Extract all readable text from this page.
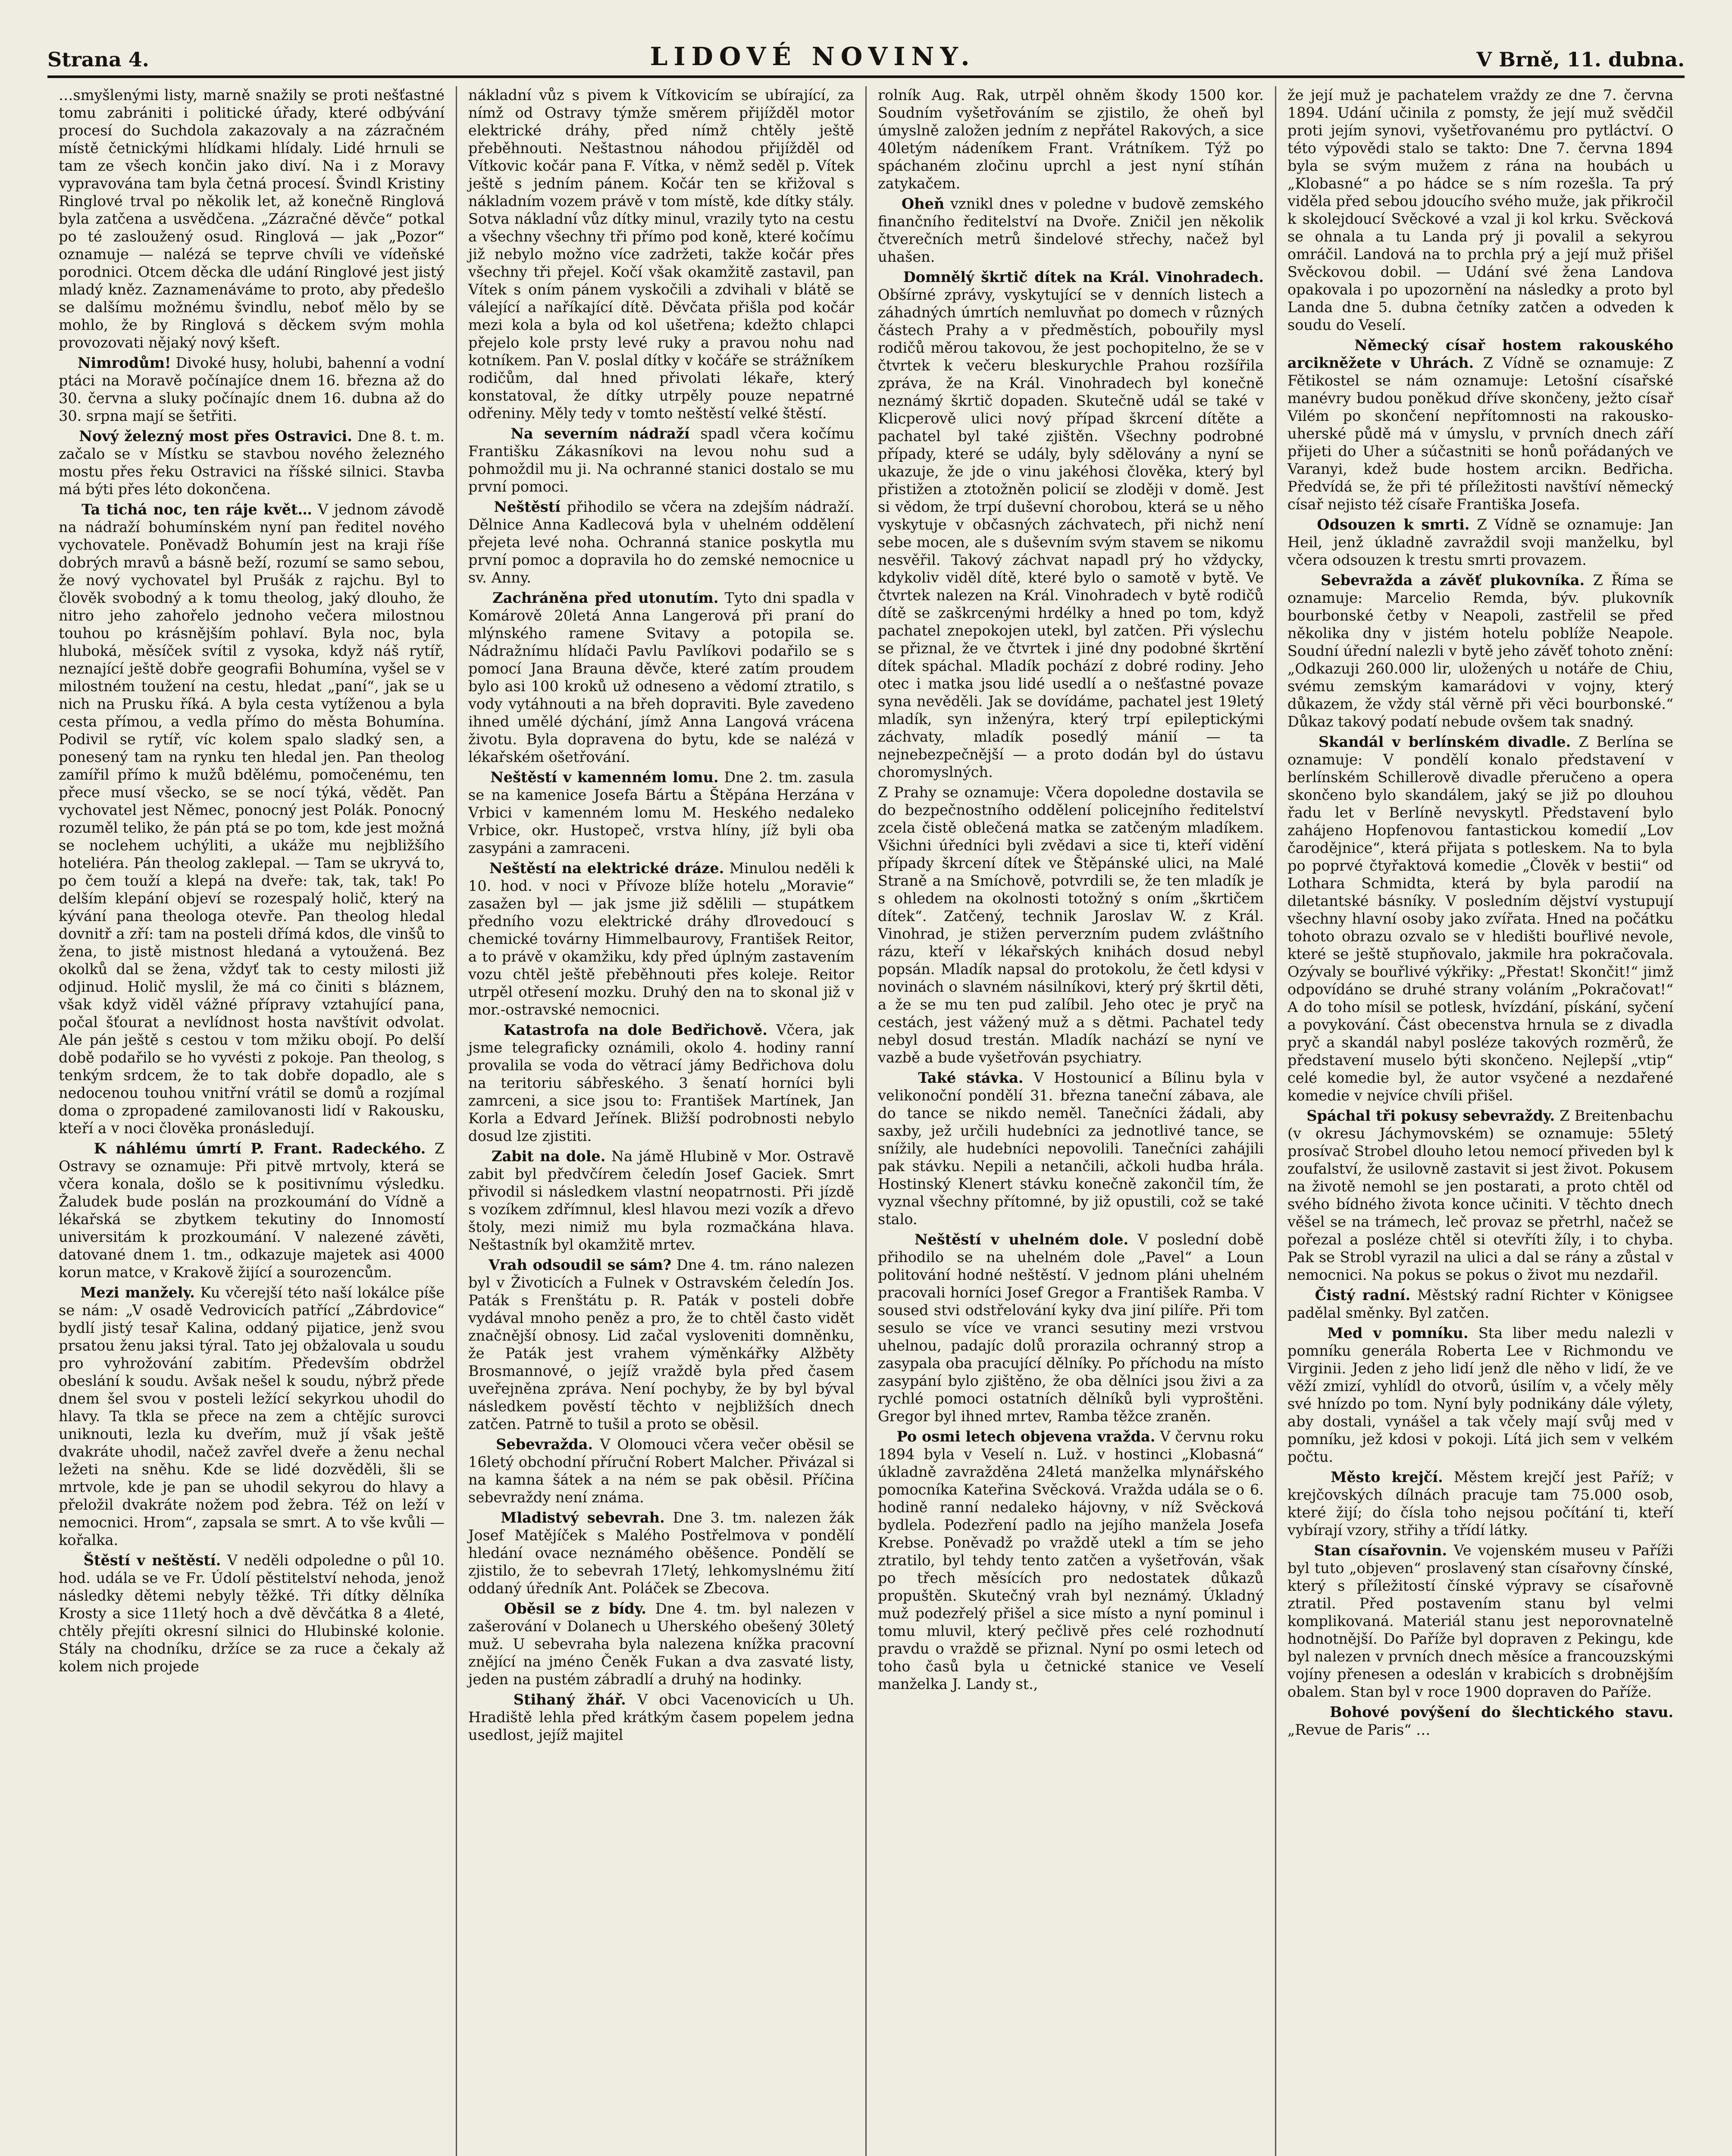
Strana 4.	LIDOVÉ NOVINY.	V Brně, 11. dubna.

…smyšlenými listy, marně snažily se proti nešťastné tomu zabrániti i politické úřady, které odbývání procesí do Suchdola zakazovaly a na zázračném místě četnickými hlídkami hlídaly. Lidé hrnuli se tam ze všech končin jako diví. Na i z Moravy vypravována tam byla četná procesí. Švindl Kristiny Ringlové trval po několik let, až konečně Ringlová byla zatčena a usvědčena. „Zázračné děvče“ potkal po té zasloužený osud. Ringlová — jak „Pozor“ oznamuje — nalézá se teprve chvíli ve vídeňské porodnici. Otcem děcka dle udání Ringlové jest jistý mladý kněz. Zaznamenáváme to proto, aby předešlo se dalšímu možnému švindlu, neboť mělo by se mohlo, že by Ringlová s děckem svým mohla provozovati nějaký nový kšeft.

Nimrodům! Divoké husy, holubi, bahenní a vodní ptáci na Moravě počínajíce dnem 16. března až do 30. června a sluky počínajíc dnem 16. dubna až do 30. srpna mají se šetřiti.

Nový železný most přes Ostravici. Dne 8. t. m. začalo se v Místku se stavbou nového železného mostu přes řeku Ostravici na říšské silnici. Stavba má býti přes léto dokončena.

Ta tichá noc, ten ráje květ… V jednom závodě na nádraží bohumínském nyní pan ředitel nového vychovatele. Poněvadž Bohumín jest na kraji říše dobrých mravů a básně beží, rozumí se samo sebou, že nový vychovatel byl Prušák z rajchu. Byl to člověk svobodný a k tomu theolog, jaký dlouho, že nitro jeho zahořelo jednoho večera milostnou touhou po krásnějším pohlaví. Byla noc, byla hluboká, měsíček svítil z vysoka, když náš rytíř, neznající ještě dobře geografii Bohumína, vyšel se v milostném toužení na cestu, hledat „paní“, jak se u nich na Prusku říká. A byla cesta vytíženou a byla cesta přímou, a vedla přímo do města Bohumína. Podivil se rytíř, víc kolem spalo sladký sen, a ponesený tam na rynku ten hledal jen. Pan theolog zamířil přímo k mužů bdělému, pomočenému, ten přece musí všecko, se se nocí týká, vědět. Pan vychovatel jest Němec, ponocný jest Polák. Ponocný rozuměl teliko, že pán ptá se po tom, kde jest možná se noclehem uchýliti, a ukáže mu nejbližšího hoteliéra. Pán theolog zaklepal. — Tam se ukryvá to, po čem touží a klepá na dveře: tak, tak, tak! Po delším klepání objeví se rozespalý holič, který na kývání pana theologa otevře. Pan theolog hledal dovnitř a zří: tam na posteli dřímá kdos, dle vinšů to žena, to jistě mistnost hledaná a vytoužená. Bez okolků dal se žena, vždyť tak to cesty milosti již odjinud. Holič myslil, že má co činiti s bláznem, však když viděl vážné přípravy vztahující pana, počal šťourat a nevlídnost hosta navštívit odvolat. Ale pán ještě s cestou v tom mžiku obojí. Po delší době podařilo se ho vyvésti z pokoje. Pan theolog, s tenkým srdcem, že to tak dobře dopadlo, ale s nedocenou touhou vnitřní vrátil se domů a rozjímal doma o zpropadené zamilovanosti lidí v Rakousku, kteří a v noci člověka pronásledují.

K náhlému úmrtí P. Frant. Radeckého. Z Ostravy se oznamuje: Při pitvě mrtvoly, která se včera konala, došlo se k positivnímu výsledku. Žaludek bude poslán na prozkoumání do Vídně a lékařská se zbytkem tekutiny do Innomostí universitám k prozkoumání. V nalezené závěti, datované dnem 1. tm., odkazuje majetek asi 4000 korun matce, v Krakově žijící a sourozencům.

Mezi manžely. Ku včerejší této naší lokálce píše se nám: „V osadě Vedrovicích patřící „Zábrdovice“ bydlí jistý tesař Kalina, oddaný pijatice, jenž svou prsatou ženu jaksi týral. Tato jej obžalovala u soudu pro vyhrožování zabitím. Především obdržel obeslání k soudu. Avšak nešel k soudu, nýbrž přede dnem šel svou v posteli ležící sekyrkou uhodil do hlavy. Ta tkla se přece na zem a chtějíc surovci uniknouti, lezla ku dveřím, muž jí však ještě dvakráte uhodil, načež zavřel dveře a ženu nechal ležeti na sněhu. Kde se lidé dozvěděli, šli se mrtvole, kde je pan se uhodil sekyrou do hlavy a přeložil dvakráte nožem pod žebra. Též on leží v nemocnici. Hrom“, zapsala se smrt. A to vše kvůli — kořalka.

Štěstí v neštěstí. V neděli odpoledne o půl 10. hod. udála se ve Fr. Údolí pěstitelství nehoda, jenož následky dětemi nebyly těžké. Tři dítky dělníka Krosty a sice 11letý hoch a dvě děvčátka 8 a 4leté, chtěly přejíti okresní silnici do Hlubinské kolonie. Stály na chodníku, držíce se za ruce a čekaly až kolem nich projede

nákladní vůz s pivem k Vítkovicím se ubírající, za nímž od Ostravy týmže směrem přijížděl motor elektrické dráhy, před nímž chtěly ještě přeběhnouti. Neštastnou náhodou přijížděl od Vítkovic kočár pana F. Vítka, v němž seděl p. Vítek ještě s jedním pánem. Kočár ten se křižoval s nákladním vozem právě v tom místě, kde dítky stály. Sotva nákladní vůz dítky minul, vrazily tyto na cestu a všechny všechny tři přímo pod koně, které kočímu již nebylo možno více zadržeti, takže kočár přes všechny tři přejel. Kočí však okamžitě zastavil, pan Vítek s oním pánem vyskočili a zdvihali v blátě se válející a naříkající dítě. Děvčata přišla pod kočár mezi kola a byla od kol ušetřena; kdežto chlapci přejelo kole prsty levé ruky a pravou nohu nad kotníkem. Pan V. poslal dítky v kočáře se strážníkem rodičům, dal hned přivolati lékaře, který konstatoval, že dítky utrpěly pouze nepatrné odřeniny. Měly tedy v tomto neštěstí velké štěstí.

Na severním nádraží spadl včera kočímu Františku Zákasníkovi na levou nohu sud a pohmoždil mu ji. Na ochranné stanici dostalo se mu první pomoci.

Neštěstí přihodilo se včera na zdejším nádraží. Dělnice Anna Kadlecová byla v uhelném oddělení přejeta levé noha. Ochranná stanice poskytla mu první pomoc a dopravila ho do zemské nemocnice u sv. Anny.

Zachráněna před utonutím. Tyto dni spadla v Komárově 20letá Anna Langerová při praní do mlýnského ramene Svitavy a potopila se. Nádražnímu hlídači Pavlu Pavlíkovi podařilo se s pomocí Jana Brauna děvče, které zatím proudem bylo asi 100 kroků už odneseno a vědomí ztratilo, s vody vytáhnouti a na břeh dopraviti. Byle zavedeno ihned umělé dýchání, jímž Anna Langová vrácena životu. Byla dopravena do bytu, kde se nalézá v lékařském ošetřování.

Neštěstí v kamenném lomu. Dne 2. tm. zasula se na kamenice Josefa Bártu a Štěpána Herzána v Vrbici v kamenném lomu M. Heského nedaleko Vrbice, okr. Hustopeč, vrstva hlíny, jíž byli oba zasypáni a zamraceni.

Neštěstí na elektrické dráze. Minulou neděli k 10. hod. v noci v Přívoze blíže hotelu „Moravie“ zasažen byl — jak jsme již sdělili — stupátkem předního vozu elektrické dráhy ďlrovedoucí s chemické továrny Himmelbaurovy, František Reitor, a to právě v okamžiku, kdy před úplným zastavením vozu chtěl ještě přeběhnouti přes koleje. Reitor utrpěl otřesení mozku. Druhý den na to skonal již v mor.-ostravské nemocnici.

Katastrofa na dole Bedřichově. Včera, jak jsme telegraficky oznámili, okolo 4. hodiny ranní provalila se voda do větrací jámy Bedřichova dolu na teritoriu sábřeského. 3 šenatí horníci byli zamrceni, a sice jsou to: František Martínek, Jan Korla a Edvard Jeřínek. Bližší podrobnosti nebylo dosud lze zjistiti.

Zabit na dole. Na jámě Hlubině v Mor. Ostravě zabit byl předvčírem čeledín Josef Gaciek. Smrt přivodil si následkem vlastní neopatrnosti. Při jízdě s vozíkem zdřímnul, klesl hlavou mezi vozík a dřevo štoly, mezi nimiž mu byla rozmačkána hlava. Neštastník byl okamžitě mrtev.

Vrah odsoudil se sám? Dne 4. tm. ráno nalezen byl v Životicích a Fulnek v Ostravském čeledín Jos. Paták s Frenštátu p. R. Paták v posteli dobře vydával mnoho peněz a pro, že to chtěl často vidět značnější obnosy. Lid začal vysloveniti domněnku, že Paták jest vrahem výměnkářky Alžběty Brosmannové, o jejíž vraždě byla před časem uveřejněna zpráva. Není pochyby, že by byl býval následkem pověstí těchto v nejbližších dnech zatčen. Patrně to tušil a proto se oběsil.

Sebevražda. V Olomouci včera večer oběsil se 16letý obchodní příruční Robert Malcher. Přivázal si na kamna šátek a na ném se pak oběsil. Příčina sebevraždy není známa.

Mladistvý sebevrah. Dne 3. tm. nalezen žák Josef Matějíček s Malého Postřelmova v pondělí hledání ovace neznámého oběšence. Pondělí se zjistilo, že to sebevrah 17letý, lehkomyslnému žití oddaný úředník Ant. Poláček se Zbecova.

Oběsil se z bídy. Dne 4. tm. byl nalezen v zašerování v Dolanech u Uherského obešený 30letý muž. U sebevraha byla nalezena knížka pracovní znějící na jméno Čeněk Fukan a dva zasvaté listy, jeden na pustém zábradlí a druhý na hodinky.

Stihaný žhář. V obci Vacenovicích u Uh. Hradiště lehla před krátkým časem popelem jedna usedlost, jejíž majitel

rolník Aug. Rak, utrpěl ohněm škody 1500 kor. Soudním vyšetřováním se zjistilo, že oheň byl úmyslně založen jedním z nepřátel Rakových, a sice 40letým nádeníkem Frant. Vrátníkem. Týž po spáchaném zločinu uprchl a jest nyní stíhán zatykačem.

Oheň vznikl dnes v poledne v budově zemského finančního ředitelství na Dvoře. Zničil jen několik čtverečních metrů šindelové střechy, načež byl uhašen.

Domnělý škrtič dítek na Král. Vinohradech. Obšírné zprávy, vyskytující se v denních listech a záhadných úmrtích nemluvňat po domech v různých částech Prahy a v předměstích, pobouřily mysl rodičů měrou takovou, že jest pochopitelno, že se v čtvrtek k večeru bleskurychle Prahou rozšířila zpráva, že na Král. Vinohradech byl konečně neznámý škrtič dopaden. Skutečně udál se také v Klicperově ulici nový případ škrcení dítěte a pachatel byl také zjištěn. Všechny podrobné případy, které se udály, byly sdělovány a nyní se ukazuje, že jde o vinu jakéhosi člověka, který byl přistižen a ztotožněn policií se zloději v domě. Jest si vědom, že trpí duševní chorobou, která se u něho vyskytuje v občasných záchvatech, při nichž není sebe mocen, ale s duševním svým stavem se nikomu nesvěřil. Takový záchvat napadl prý ho vždycky, kdykoliv viděl dítě, které bylo o samotě v bytě. Ve čtvrtek nalezen na Král. Vinohradech v bytě rodičů dítě se zaškrcenými hrdélky a hned po tom, když pachatel znepokojen utekl, byl zatčen. Při výslechu se přiznal, že ve čtvrtek i jiné dny podobné škrtění dítek spáchal. Mladík pochází z dobré rodiny. Jeho otec i matka jsou lidé usedlí a o nešťastné povaze syna nevěděli. Jak se dovídáme, pachatel jest 19letý mladík, syn inženýra, který trpí epileptickými záchvaty, mladík posedlý mánií — ta nejnebezpečnější — a proto dodán byl do ústavu choromyslných.

Z Prahy se oznamuje: Včera dopoledne dostavila se do bezpečnostního oddělení policejního ředitelství zcela čistě oblečená matka se zatčeným mladíkem. Všichni úředníci byli zvědavi a sice ti, kteří vidění případy škrcení dítek ve Štěpánské ulici, na Malé Straně a na Smíchově, potvrdili se, že ten mladík je s ohledem na okolnosti totožný s oním „škrtičem dítek“. Zatčený, technik Jaroslav W. z Král. Vinohrad, je stižen perverzním pudem zvláštního rázu, kteří v lékařských knihách dosud nebyl popsán. Mladík napsal do protokolu, že četl kdysi v novinách o slavném násilníkovi, který prý škrtil děti, a že se mu ten pud zalíbil. Jeho otec je pryč na cestách, jest vážený muž a s dětmi. Pachatel tedy nebyl dosud trestán. Mladík nachází se nyní ve vazbě a bude vyšetřován psychiatry.

Také stávka. V Hostounicí a Bílinu byla v velikonoční pondělí 31. března taneční zábava, ale do tance se nikdo neměl. Tanečníci žádali, aby saxby, jež určili hudebníci za jednotlivé tance, se snížily, ale hudebníci nepovolili. Tanečníci zahájili pak stávku. Nepili a netančili, ačkoli hudba hrála. Hostinský Klenert stávku konečně zakončil tím, že vyznal všechny přítomné, by již opustili, což se také stalo.

Neštěstí v uhelném dole. V poslední době přihodilo se na uhelném dole „Pavel“ a Loun politování hodné neštěstí. V jednom pláni uhelném pracovali horníci Josef Gregor a František Ramba. V soused stvi odstřelování kyky dva jiní pilíře. Při tom sesulo se více ve vranci sesutiny mezi vrstvou uhelnou, padajíc dolů prorazila ochranný strop a zasypala oba pracující dělníky. Po příchodu na místo zasypání bylo zjištěno, že oba dělníci jsou živi a za rychlé pomoci ostatních dělníků byli vyproštěni. Gregor byl ihned mrtev, Ramba těžce zraněn.

Po osmi letech objevena vražda. V červnu roku 1894 byla v Veselí n. Luž. v hostinci „Klobasná“ úkladně zavražděna 24letá manželka mlynářského pomocníka Kateřina Svěcková. Vražda udála se o 6. hodině ranní nedaleko hájovny, v níž Svěcková bydlela. Podezření padlo na jejího manžela Josefa Krebse. Poněvadž po vraždě utekl a tím se jeho ztratilo, byl tehdy tento zatčen a vyšetřován, však po třech měsících pro nedostatek důkazů propuštěn. Skutečný vrah byl neznámý. Úkladný muž podezřelý přišel a sice místo a nyní pominul i tomu mluvil, který pečlivě přes celé rozhodnutí pravdu o vraždě se přiznal. Nyní po osmi letech od toho časů byla u četnické stanice ve Veselí manželka J. Landy st.,

že její muž je pachatelem vraždy ze dne 7. června 1894. Udání učinila z pomsty, že její muž svědčil proti jejím synovi, vyšetřovanému pro pytláctví. O této výpovědi stalo se takto: Dne 7. června 1894 byla se svým mužem z rána na houbách u „Klobasné“ a po hádce se s ním rozešla. Ta prý viděla před sebou jdoucího svého muže, jak přikročil k skolejdoucí Svěckové a vzal ji kol krku. Svěcková se ohnala a tu Landa prý ji povalil a sekyrou omráčil. Landová na to prchla prý a její muž přišel Svěckovou dobil. — Udání své žena Landova opakovala i po upozornění na následky a proto byl Landa dne 5. dubna četníky zatčen a odveden k soudu do Veselí.

Německý císař hostem rakouského arcikněžete v Uhrách. Z Vídně se oznamuje: Z Fětikostel se nám oznamuje: Letošní císařské manévry budou poněkud dříve skončeny, ježto císař Vilém po skončení nepřítomnosti na rakousko-uherské půdě má v úmyslu, v prvních dnech září přijeti do Uher a súčastniti se honů pořádaných ve Varanyi, kdež bude hostem arcikn. Bedřicha. Předvídá se, že při té příležitosti navštíví německý císař nejisto též císaře Františka Josefa.

Odsouzen k smrti. Z Vídně se oznamuje: Jan Heil, jenž úkladně zavraždil svoji manželku, byl včera odsouzen k trestu smrti provazem.

Sebevražda a závěť plukovníka. Z Říma se oznamuje: Marcelio Remda, býv. plukovník bourbonské četby v Neapoli, zastřelil se před několika dny v jistém hotelu poblíže Neapole. Soudní úřední nalezli v bytě jeho závěť tohoto znění: „Odkazuji 260.000 lir, uložených u notáře de Chiu, svému zemským kamarádovi v vojny, který důkazem, že vždy stál věrně při věci bourbonské.“ Důkaz takový podatí nebude ovšem tak snadný.

Skandál v berlínském divadle. Z Berlína se oznamuje: V pondělí konalo představení v berlínském Schillerově divadle přeručeno a opera skončeno bylo skandálem, jaký se již po dlouhou řadu let v Berlíně nevyskytl. Představení bylo zahájeno Hopfenovou fantastickou komedií „Lov čarodějnice“, která přijata s potleskem. Na to byla po poprvé čtyřaktová komedie „Člověk v bestii“ od Lothara Schmidta, která by byla parodií na diletantské básníky. V posledním dějství vystupují všechny hlavní osoby jako zvířata. Hned na počátku tohoto obrazu ozvalo se v hledišti bouřlivé nevole, které se ještě stupňovalo, jakmile hra pokračovala. Ozývaly se bouřlivé výkřiky: „Přestat! Skončit!“ jimž odpovídáno se druhé strany voláním „Pokračovat!“ A do toho mísil se potlesk, hvízdání, pískání, syčení a povykování. Část obecenstva hrnula se z divadla pryč a skandál nabyl posléze takových rozměrů, že představení muselo býti skončeno. Nejlepší „vtip“ celé komedie byl, že autor vsyčené a nezdařené komedie v nejvíce chvíli přišel.

Spáchal tři pokusy sebevraždy. Z Breitenbachu (v okresu Jáchymovském) se oznamuje: 55letý prosívač Strobel dlouho letou nemocí přiveden byl k zoufalství, že usilovně zastavit si jest život. Pokusem na životě nemohl se jen postarati, a proto chtěl od svého bídného života konce učiniti. V těchto dnech věšel se na trámech, leč provaz se přetrhl, načež se pořezal a posléze chtěl si otevříti žíly, i to chyba. Pak se Strobl vyrazil na ulici a dal se rány a zůstal v nemocnici. Na pokus se pokus o život mu nezdařil.

Čistý radní. Městský radní Richter v Königsee padělal směnky. Byl zatčen.

Med v pomníku. Sta liber medu nalezli v pomníku generála Roberta Lee v Richmondu ve Virginii. Jeden z jeho lidí jenž dle něho v lidí, že ve věží zmizí, vyhlídl do otvorů, úsilím v, a včely měly své hnízdo po tom. Nyní byly podnikány dále výlety, aby dostali, vynášel a tak včely mají svůj med v pomníku, jež kdosi v pokoji. Lítá jich sem v velkém počtu.

Město krejčí. Městem krejčí jest Paříž; v krejčovských dílnách pracuje tam 75.000 osob, které žijí; do čísla toho nejsou počítání ti, kteří vybírají vzory, střihy a třídí látky.

Stan císařovnin. Ve vojenském museu v Paříži byl tuto „objeven“ proslavený stan císařovny čínské, který s příležitostí čínské výpravy se císařovně ztratil. Před postavením stanu byl velmi komplikovaná. Materiál stanu jest neporovnatelně hodnotnější. Do Paříže byl dopraven z Pekingu, kde byl nalezen v prvních dnech měsíce a francouzskými vojíny přenesen a odeslán v krabicích s drobnějším obalem. Stan byl v roce 1900 dopraven do Paříže.

Bohové povýšení do šlechtického stavu. „Revue de Paris“ …
